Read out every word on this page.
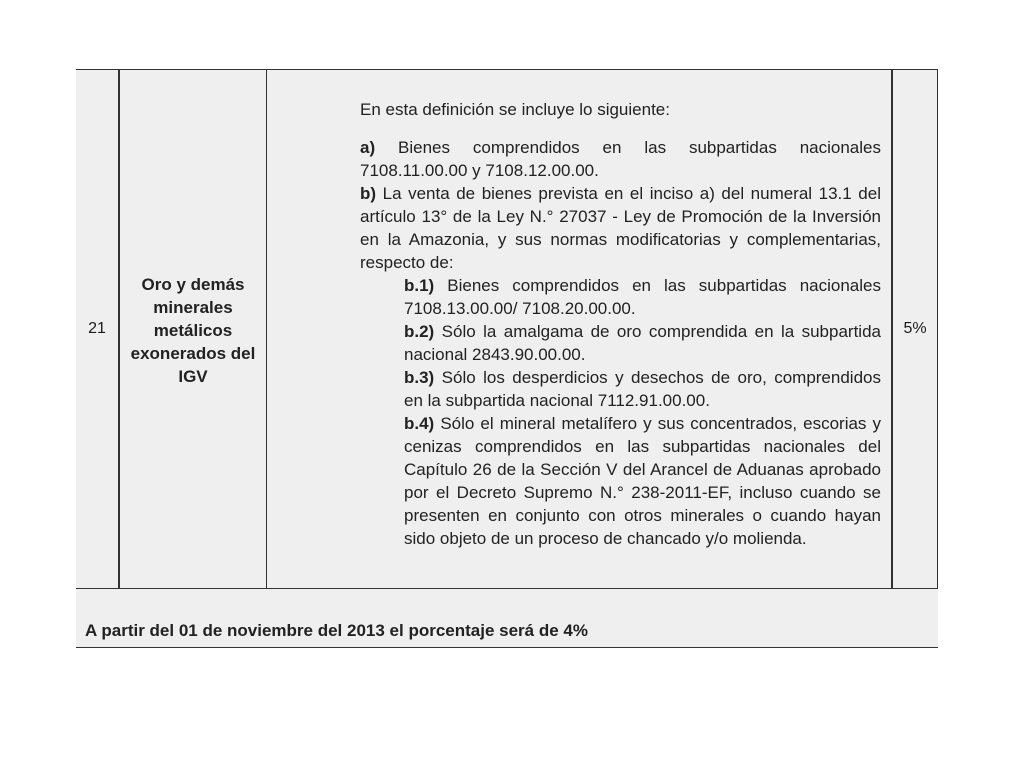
21
Oro y demás minerales metálicos exonerados del IGV

En esta definición se incluye lo siguiente:

a) Bienes comprendidos en las subpartidas nacionales 7108.11.00.00 y 7108.12.00.00.

b) La venta de bienes prevista en el inciso a) del numeral 13.1 del artículo 13° de la Ley N.° 27037 - Ley de Promoción de la Inversión en la Amazonia, y sus normas modificatorias y complementarias, respecto de:

b.1) Bienes comprendidos en las subpartidas nacionales 7108.13.00.00/ 7108.20.00.00.

b.2) Sólo la amalgama de oro comprendida en la subpartida nacional 2843.90.00.00.

b.3) Sólo los desperdicios y desechos de oro, comprendidos en la subpartida nacional 7112.91.00.00.

b.4) Sólo el mineral metalífero y sus concentrados, escorias y cenizas comprendidos en las subpartidas nacionales del Capítulo 26 de la Sección V del Arancel de Aduanas aprobado por el Decreto Supremo N.° 238-2011-EF, incluso cuando se presenten en conjunto con otros minerales o cuando hayan sido objeto de un proceso de chancado y/o molienda.

5%
A partir del 01 de noviembre del 2013 el porcentaje será de 4%
